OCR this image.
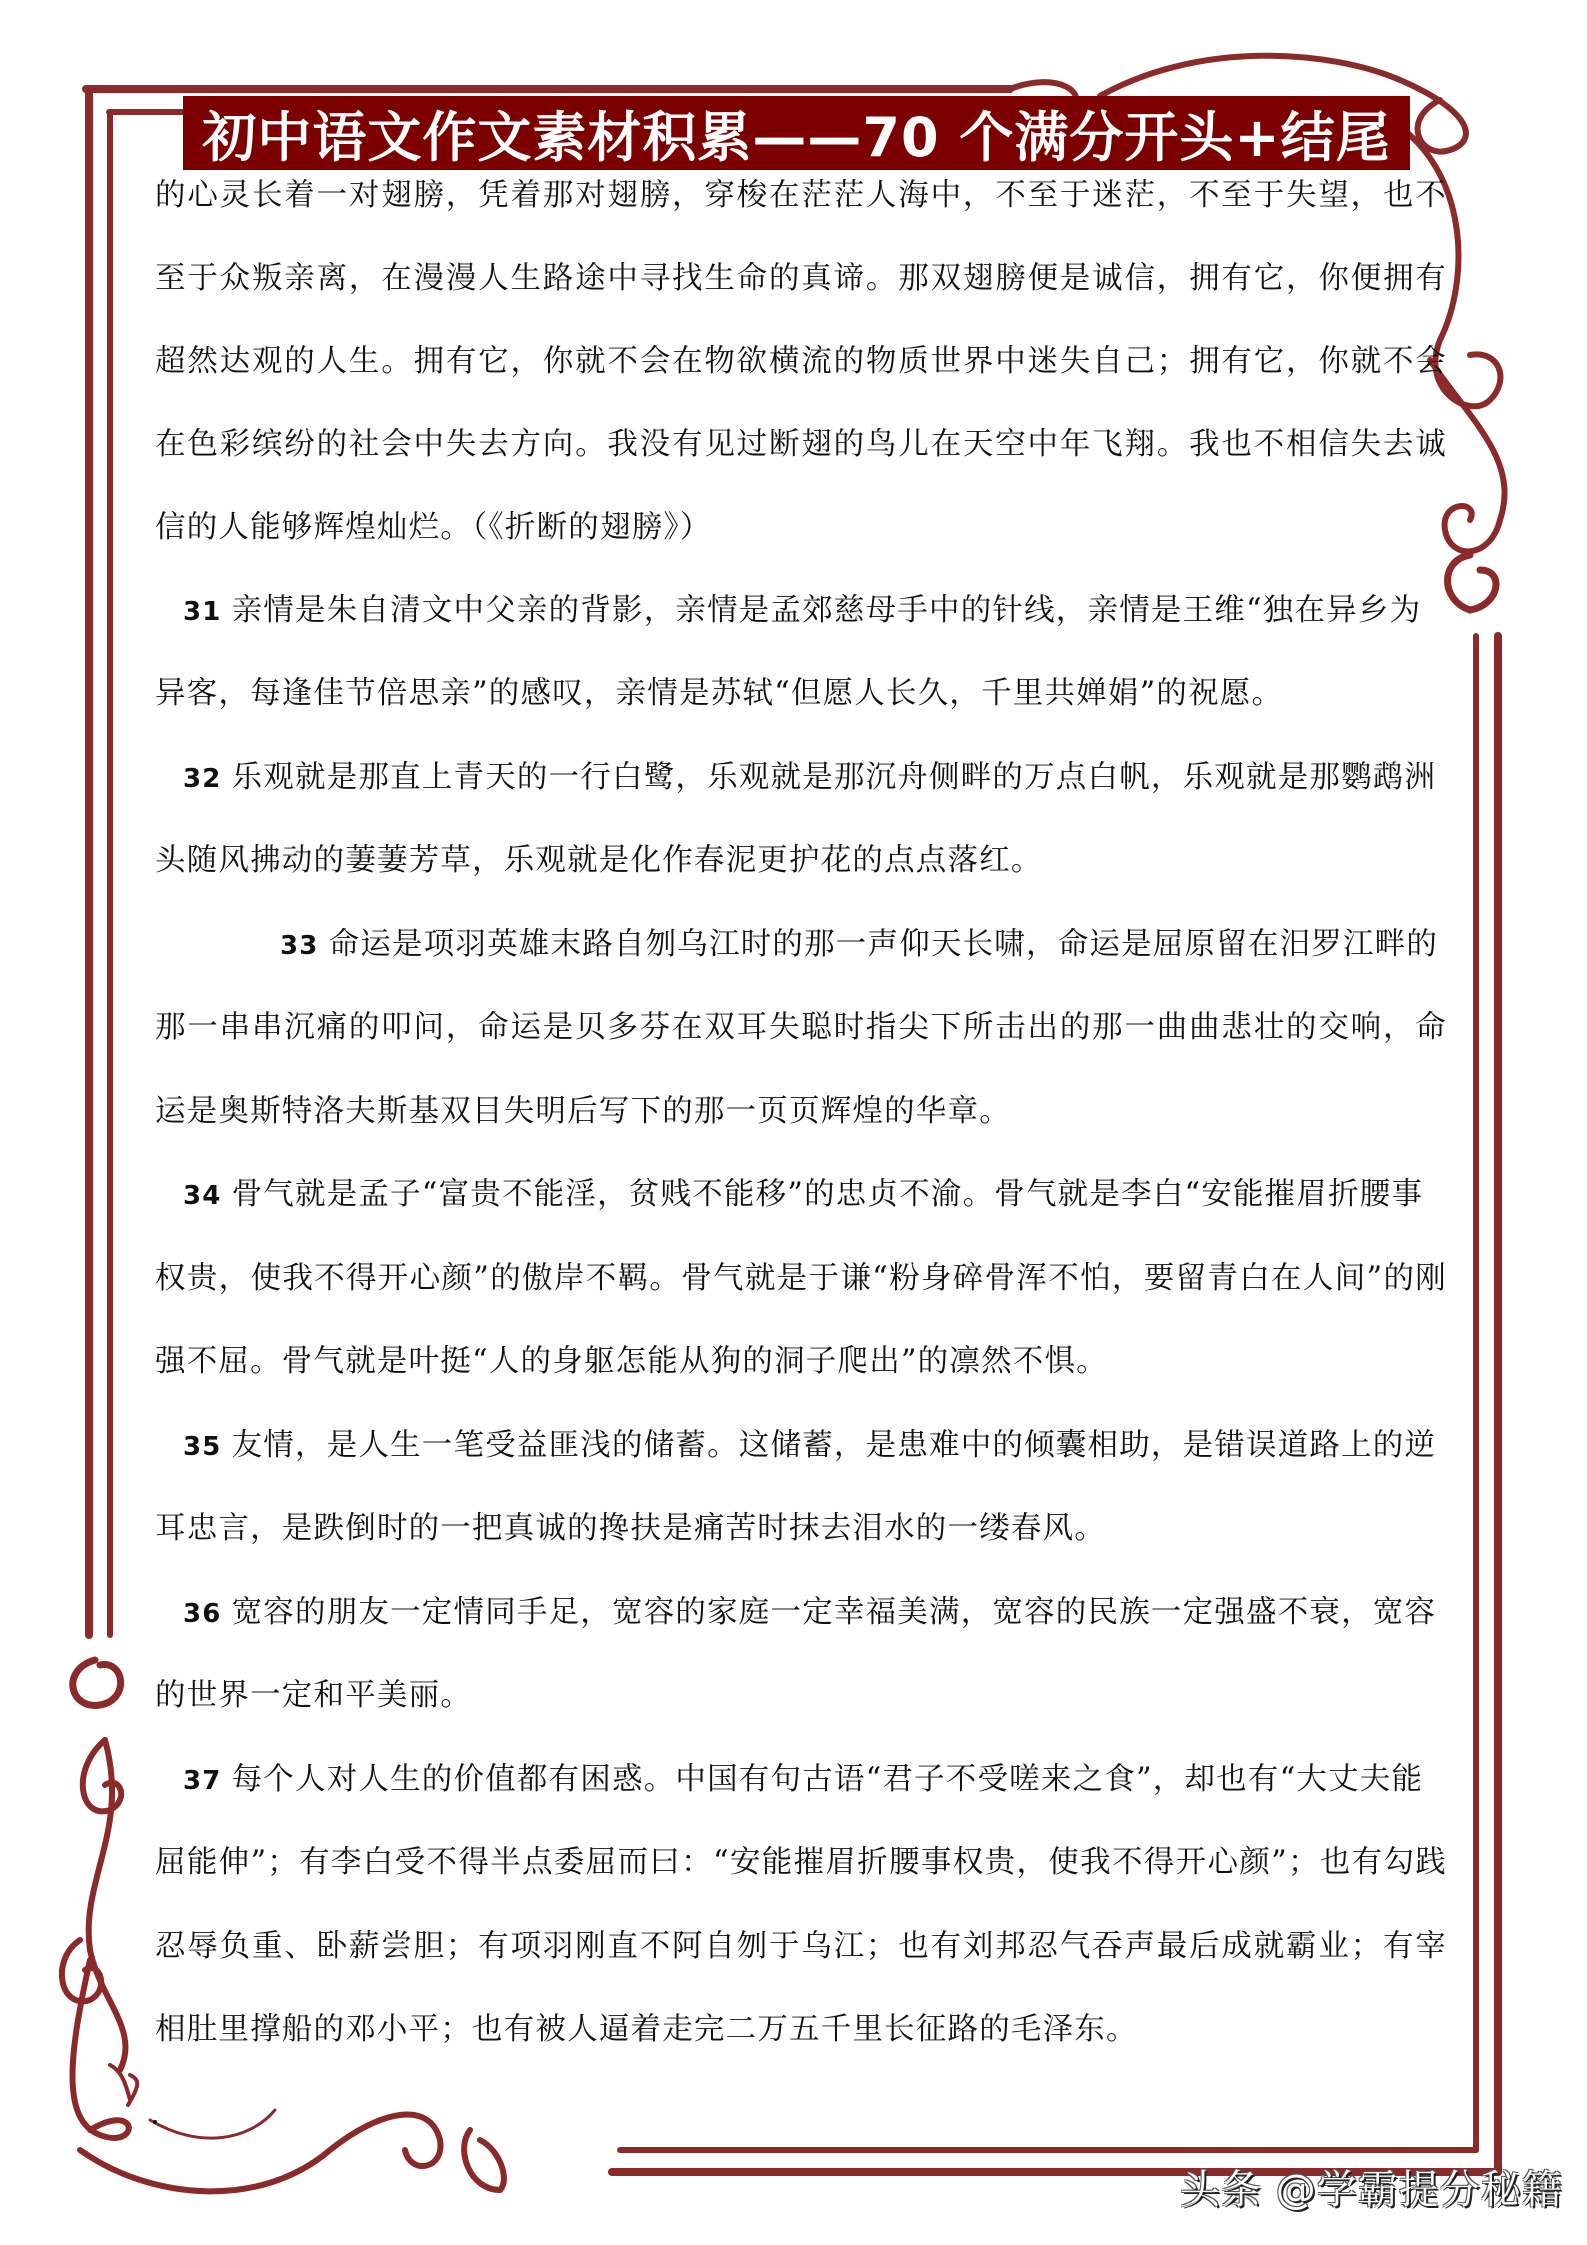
初中语文作文素材积累——70 个满分开头+结尾
的心灵长着一对翅膀，凭着那对翅膀，穿梭在茫茫人海中，不至于迷茫，不至于失望，也不
至于众叛亲离，在漫漫人生路途中寻找生命的真谛。那双翅膀便是诚信，拥有它，你便拥有
超然达观的人生。拥有它，你就不会在物欲横流的物质世界中迷失自己；拥有它，你就不会
在色彩缤纷的社会中失去方向。我没有见过断翅的鸟儿在天空中年飞翔。我也不相信失去诚
信的人能够辉煌灿烂。（《折断的翅膀》）
31 亲情是朱自清文中父亲的背影，亲情是孟郊慈母手中的针线，亲情是王维“独在异乡为
异客，每逢佳节倍思亲”的感叹，亲情是苏轼“但愿人长久，千里共婵娟”的祝愿。
32 乐观就是那直上青天的一行白鹭，乐观就是那沉舟侧畔的万点白帆，乐观就是那鹦鹉洲
头随风拂动的萋萋芳草，乐观就是化作春泥更护花的点点落红。
33 命运是项羽英雄末路自刎乌江时的那一声仰天长啸，命运是屈原留在汨罗江畔的
那一串串沉痛的叩问，命运是贝多芬在双耳失聪时指尖下所击出的那一曲曲悲壮的交响，命
运是奥斯特洛夫斯基双目失明后写下的那一页页辉煌的华章。
34 骨气就是孟子“富贵不能淫，贫贱不能移”的忠贞不渝。骨气就是李白“安能摧眉折腰事
权贵，使我不得开心颜”的傲岸不羁。骨气就是于谦“粉身碎骨浑不怕，要留青白在人间”的刚
强不屈。骨气就是叶挺“人的身躯怎能从狗的洞子爬出”的凛然不惧。
35 友情，是人生一笔受益匪浅的储蓄。这储蓄，是患难中的倾囊相助，是错误道路上的逆
耳忠言，是跌倒时的一把真诚的搀扶是痛苦时抹去泪水的一缕春风。
36 宽容的朋友一定情同手足，宽容的家庭一定幸福美满，宽容的民族一定强盛不衰，宽容
的世界一定和平美丽。
37 每个人对人生的价值都有困惑。中国有句古语“君子不受嗟来之食”，却也有“大丈夫能
屈能伸”；有李白受不得半点委屈而曰：“安能摧眉折腰事权贵，使我不得开心颜”；也有勾践
忍辱负重、卧薪尝胆；有项羽刚直不阿自刎于乌江；也有刘邦忍气吞声最后成就霸业；有宰
相肚里撑船的邓小平；也有被人逼着走完二万五千里长征路的毛泽东。
头条 @学霸提分秘籍
